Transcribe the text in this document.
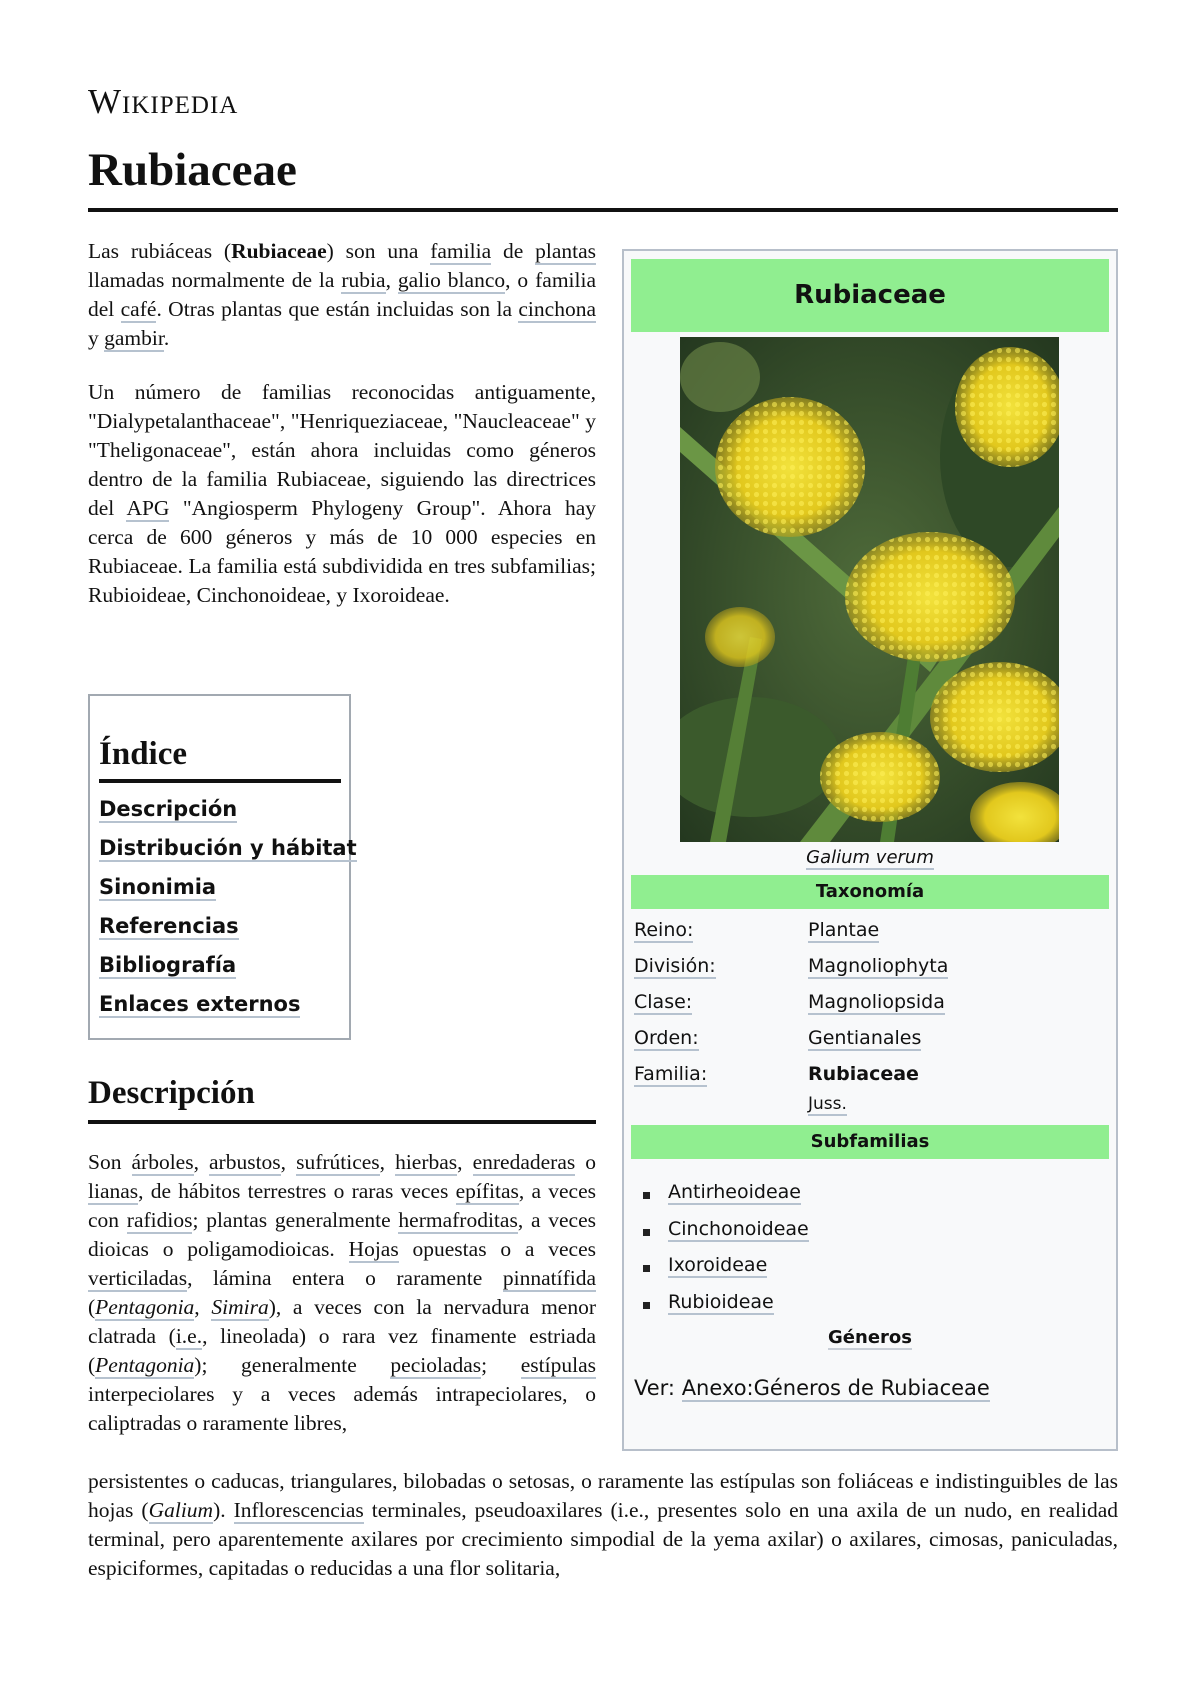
Wikipedia
Rubiaceae

Las rubiáceas (Rubiaceae) son una familia de plantas llamadas normalmente de la rubia, galio blanco, o familia del café. Otras plantas que están incluidas son la cinchona y gambir.

Un número de familias reconocidas antiguamente, "Dialypetalanthaceae", "Henriqueziaceae, "Naucleaceae" y "Theligonaceae", están ahora incluidas como géneros dentro de la familia Rubiaceae, siguiendo las directrices del APG "Angiosperm Phylogeny Group". Ahora hay cerca de 600 géneros y más de 10 000 especies en Rubiaceae. La familia está subdividida en tres subfamilias; Rubioideae, Cinchonoideae, y Ixoroideae.

Índice
Descripción
Distribución y hábitat
Sinonimia
Referencias
Bibliografía
Enlaces externos
Descripción

Son árboles, arbustos, sufrútices, hierbas, enredaderas o lianas, de hábitos terrestres o raras veces epífitas, a veces con rafidios; plantas generalmente hermafroditas, a veces dioicas o poligamodioicas. Hojas opuestas o a veces verticiladas, lámina entera o raramente pinnatífida (Pentagonia, Simira), a veces con la nervadura menor clatrada (i.e., lineolada) o rara vez finamente estriada (Pentagonia); generalmente pecioladas; estípulas interpeciolares y a veces además intrapeciolares, o caliptradas o raramente libres,

persistentes o caducas, triangulares, bilobadas o setosas, o raramente las estípulas son foliáceas e indistinguibles de las hojas (Galium). Inflorescencias terminales, pseudoaxilares (i.e., presentes solo en una axila de un nudo, en realidad terminal, pero aparentemente axilares por crecimiento simpodial de la yema axilar) o axilares, cimosas, paniculadas, espiciformes, capitadas o reducidas a una flor solitaria,

Rubiaceae
Galium verum
Taxonomía
Reino:	Plantae
División:	Magnoliophyta
Clase:	Magnoliopsida
Orden:	Gentianales
Familia:	Rubiaceae
Juss.
Subfamilias
Antirheoideae
Cinchonoideae
Ixoroideae
Rubioideae
Géneros
Ver: Anexo:Géneros de Rubiaceae
